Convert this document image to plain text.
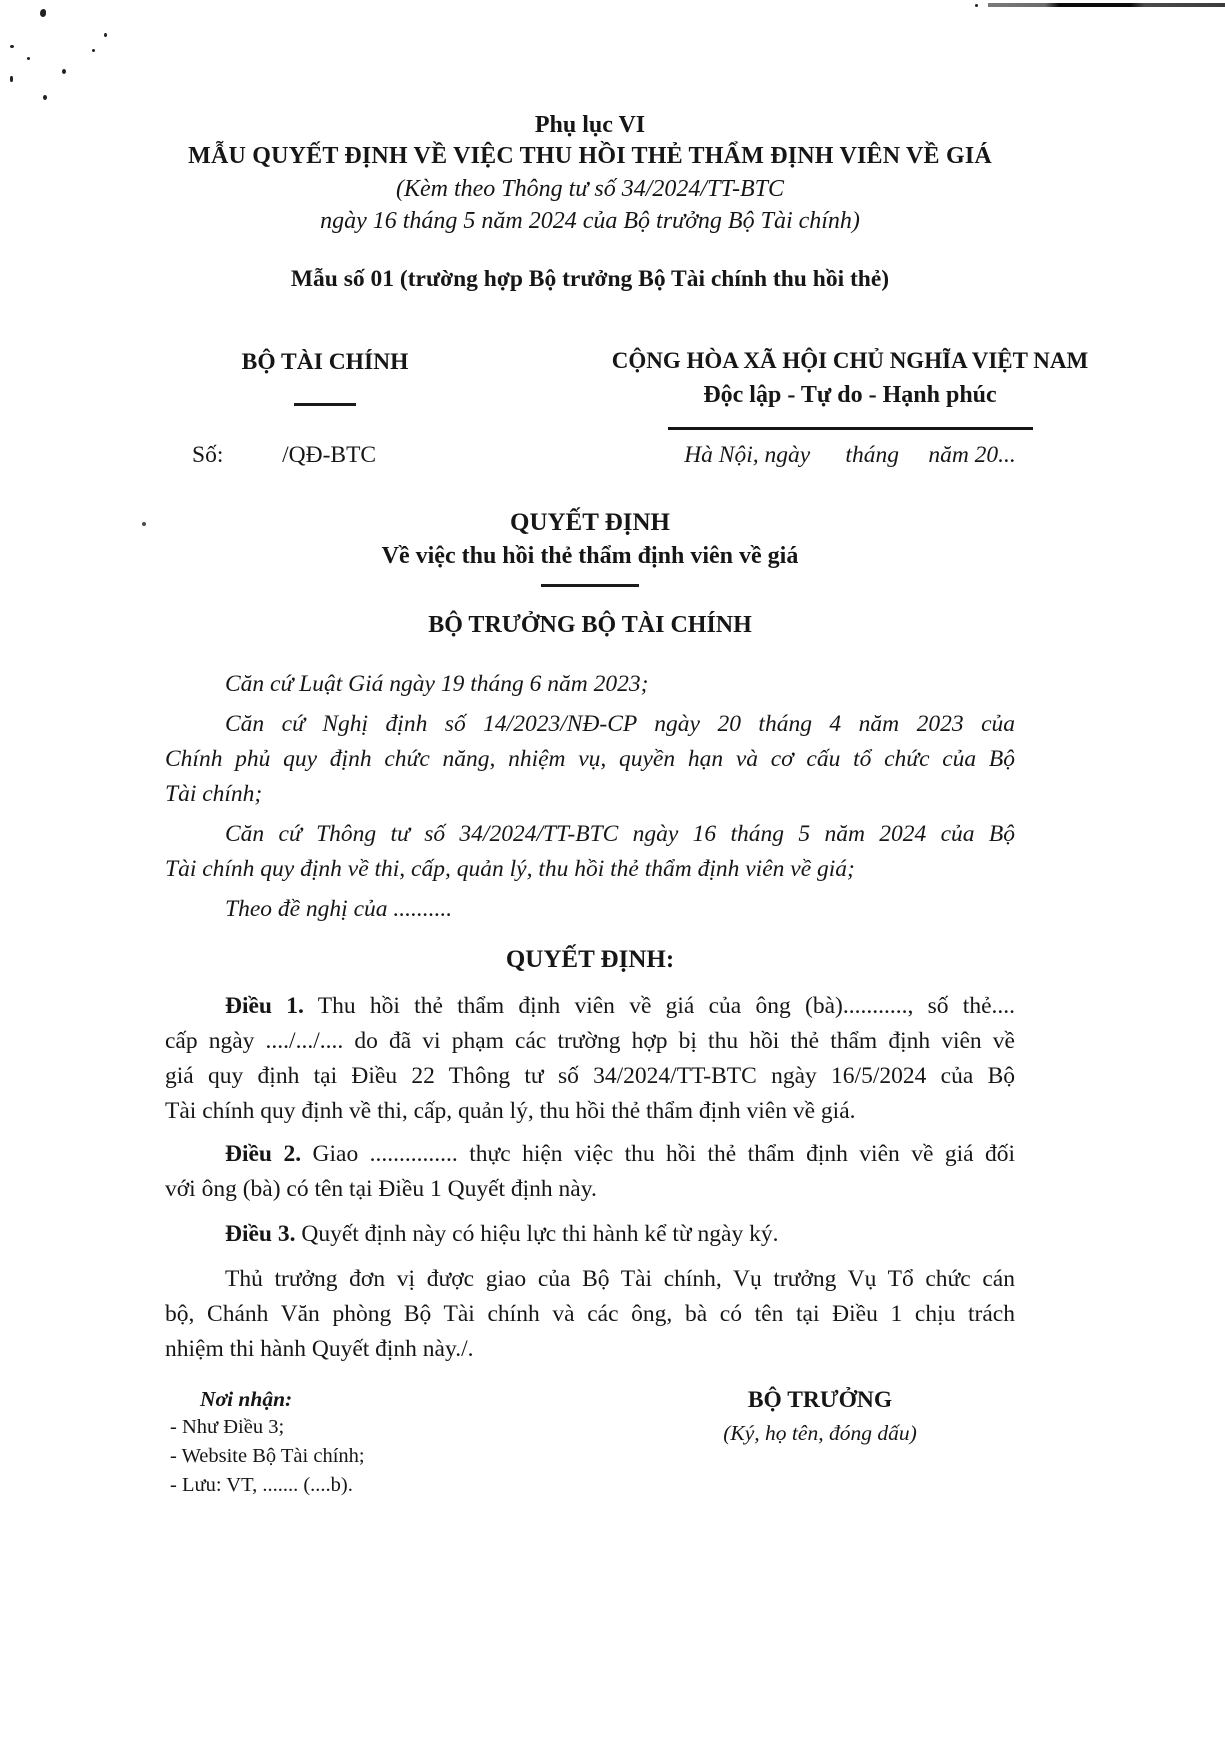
Phụ lục VI
MẪU QUYẾT ĐỊNH VỀ VIỆC THU HỒI THẺ THẨM ĐỊNH VIÊN VỀ GIÁ
(Kèm theo Thông tư số 34/2024/TT-BTC
ngày 16 tháng 5 năm 2024 của Bộ trưởng Bộ Tài chính)
Mẫu số 01 (trường hợp Bộ trưởng Bộ Tài chính thu hồi thẻ)
BỘ TÀI CHÍNH
Số:          /QĐ-BTC
CỘNG HÒA XÃ HỘI CHỦ NGHĨA VIỆT NAM
Độc lập - Tự do - Hạnh phúc
Hà Nội, ngày      tháng     năm 20...
QUYẾT ĐỊNH
Về việc thu hồi thẻ thẩm định viên về giá
BỘ TRƯỞNG BỘ TÀI CHÍNH
Căn cứ Luật Giá ngày 19 tháng 6 năm 2023;
Căn cứ Nghị định số 14/2023/NĐ-CP ngày 20 tháng 4 năm 2023 của
Chính phủ quy định chức năng, nhiệm vụ, quyền hạn và cơ cấu tổ chức của Bộ
Tài chính;
Căn cứ Thông tư số 34/2024/TT-BTC ngày 16 tháng 5 năm 2024 của Bộ
Tài chính quy định về thi, cấp, quản lý, thu hồi thẻ thẩm định viên về giá;
Theo đề nghị của ..........
QUYẾT ĐỊNH:
Điều 1. Thu hồi thẻ thẩm định viên về giá của ông (bà)..........., số thẻ....
cấp ngày ..../.../.... do đã vi phạm các trường hợp bị thu hồi thẻ thẩm định viên về
giá quy định tại Điều 22 Thông tư số 34/2024/TT-BTC ngày 16/5/2024 của Bộ
Tài chính quy định về thi, cấp, quản lý, thu hồi thẻ thẩm định viên về giá.
Điều 2. Giao ............... thực hiện việc thu hồi thẻ thẩm định viên về giá đối
với ông (bà) có tên tại Điều 1 Quyết định này.
Điều 3. Quyết định này có hiệu lực thi hành kể từ ngày ký.
Thủ trưởng đơn vị được giao của Bộ Tài chính, Vụ trưởng Vụ Tổ chức cán
bộ, Chánh Văn phòng Bộ Tài chính và các ông, bà có tên tại Điều 1 chịu trách
nhiệm thi hành Quyết định này./.
Nơi nhận:
- Như Điều 3;
- Website Bộ Tài chính;
- Lưu: VT, ....... (....b).
BỘ TRƯỞNG
(Ký, họ tên, đóng dấu)
